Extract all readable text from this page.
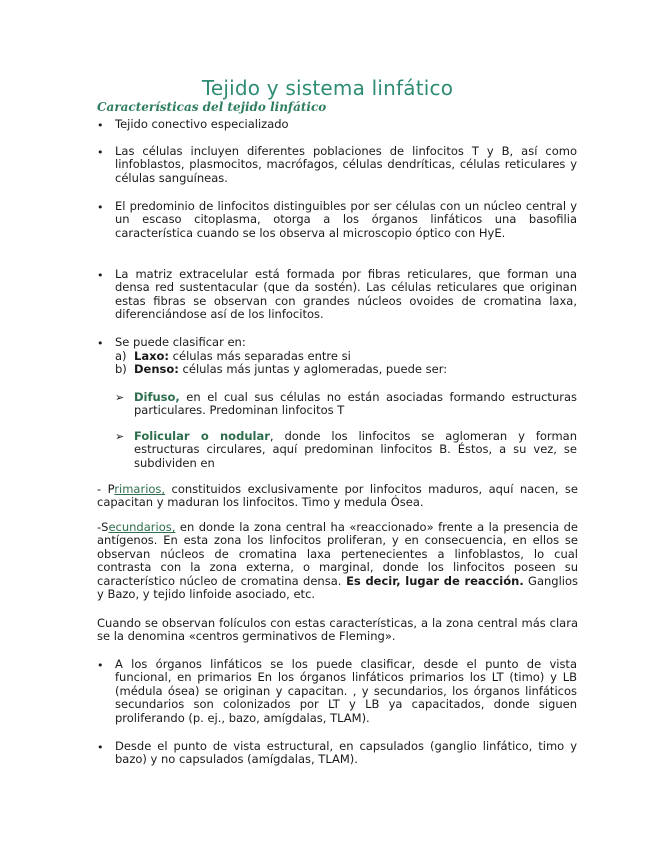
Tejido y sistema linfático
Características del tejido linfático
• Tejido conectivo especializado

• Las células incluyen diferentes poblaciones de linfocitos T y B, así como linfoblastos, plasmocitos, macrófagos, células dendríticas, células reticulares y células sanguíneas.

• El predominio de linfocitos distinguibles por ser células con un núcleo central y un escaso citoplasma, otorga a los órganos linfáticos una basofilia característica cuando se los observa al microscopio óptico con HyE.

• La matriz extracelular está formada por fibras reticulares, que forman una densa red sustentacular (que da sostén). Las células reticulares que originan estas fibras se observan con grandes núcleos ovoides de cromatina laxa, diferenciándose así de los linfocitos.

• Se puede clasificar en:

a) Laxo: células más separadas entre si

b) Denso: células más juntas y aglomeradas, puede ser:

➢ Difuso, en el cual sus células no están asociadas formando estructuras particulares. Predominan linfocitos T

➢ Folicular o nodular, donde los linfocitos se aglomeran y forman estructuras circulares, aquí predominan linfocitos B. Éstos, a su vez, se subdividen en

- Primarios, constituidos exclusivamente por linfocitos maduros, aquí nacen, se capacitan y maduran los linfocitos. Timo y medula Ósea.

-Secundarios, en donde la zona central ha «reaccionado» frente a la presencia de antígenos. En esta zona los linfocitos proliferan, y en consecuencia, en ellos se observan núcleos de cromatina laxa pertenecientes a linfoblastos, lo cual contrasta con la zona externa, o marginal, donde los linfocitos poseen su característico núcleo de cromatina densa. Es decir, lugar de reacción. Ganglios y Bazo, y tejido linfoide asociado, etc.

Cuando se observan folículos con estas características, a la zona central más clara se la denomina «centros germinativos de Fleming».

• A los órganos linfáticos se los puede clasificar, desde el punto de vista funcional, en primarios En los órganos linfáticos primarios los LT (timo) y LB (médula ósea) se originan y capacitan. , y secundarios, los órganos linfáticos secundarios son colonizados por LT y LB ya capacitados, donde siguen proliferando (p. ej., bazo, amígdalas, TLAM).

• Desde el punto de vista estructural, en capsulados (ganglio linfático, timo y bazo) y no capsulados (amígdalas, TLAM).
